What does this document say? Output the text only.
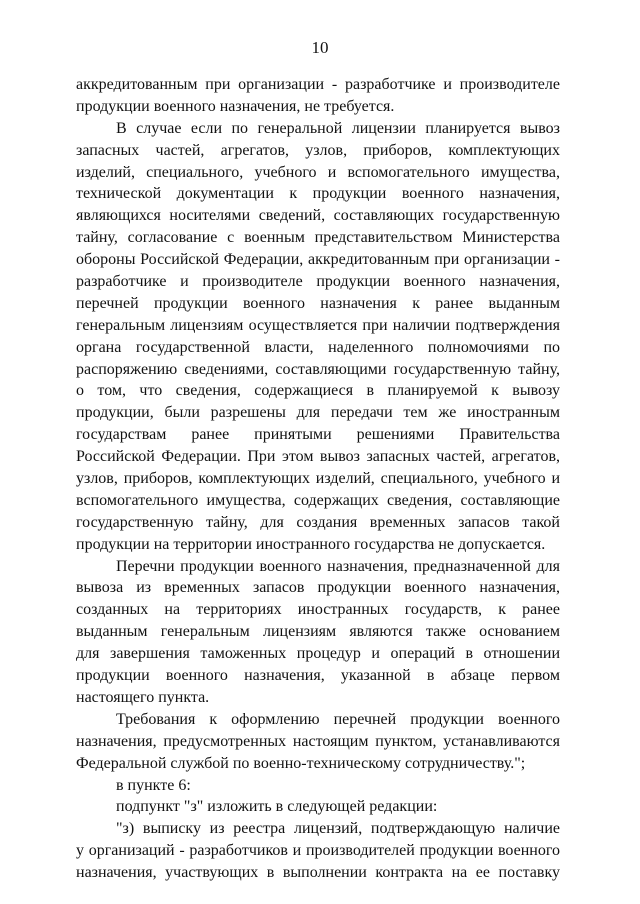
10
аккредитованным при организации - разработчике и производителе
продукции военного назначения, не требуется.
В случае если по генеральной лицензии планируется вывоз
запасных частей, агрегатов, узлов, приборов, комплектующих
изделий, специального, учебного и вспомогательного имущества,
технической документации к продукции военного назначения,
являющихся носителями сведений, составляющих государственную
тайну, согласование с военным представительством Министерства
обороны Российской Федерации, аккредитованным при организации -
разработчике и производителе продукции военного назначения,
перечней продукции военного назначения к ранее выданным
генеральным лицензиям осуществляется при наличии подтверждения
органа государственной власти, наделенного полномочиями по
распоряжению сведениями, составляющими государственную тайну,
о том, что сведения, содержащиеся в планируемой к вывозу
продукции, были разрешены для передачи тем же иностранным
государствам ранее принятыми решениями Правительства
Российской Федерации. При этом вывоз запасных частей, агрегатов,
узлов, приборов, комплектующих изделий, специального, учебного и
вспомогательного имущества, содержащих сведения, составляющие
государственную тайну, для создания временных запасов такой
продукции на территории иностранного государства не допускается.
Перечни продукции военного назначения, предназначенной для
вывоза из временных запасов продукции военного назначения,
созданных на территориях иностранных государств, к ранее
выданным генеральным лицензиям являются также основанием
для завершения таможенных процедур и операций в отношении
продукции военного назначения, указанной в абзаце первом
настоящего пункта.
Требования к оформлению перечней продукции военного
назначения, предусмотренных настоящим пунктом, устанавливаются
Федеральной службой по военно-техническому сотрудничеству.";
в пункте 6:
подпункт "з" изложить в следующей редакции:
"з) выписку из реестра лицензий, подтверждающую наличие
у организаций - разработчиков и производителей продукции военного
назначения, участвующих в выполнении контракта на ее поставку
